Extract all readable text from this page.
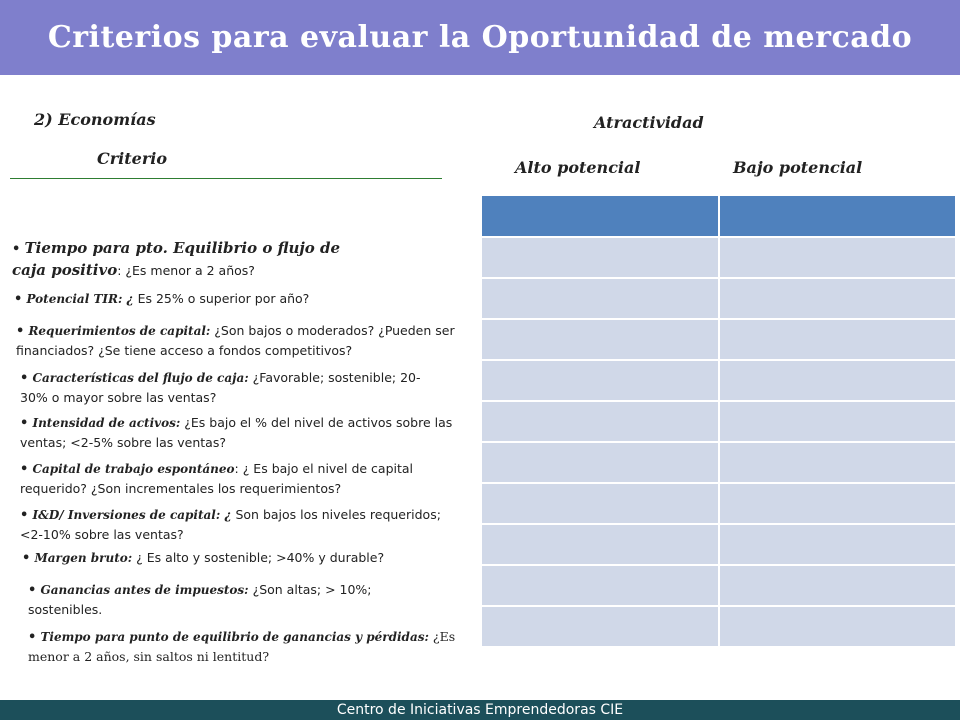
Criterios para evaluar la Oportunidad de mercado

2) Economías

Criterio

Atractividad

Alto potencial	Bajo potencial

• Tiempo para pto. Equilibrio o flujo de caja positivo: ¿Es menor a 2 años?

• Potencial TIR: ¿ Es 25% o superior por año?

• Requerimientos de capital: ¿Son bajos o moderados? ¿Pueden ser financiados? ¿Se tiene acceso a fondos competitivos?

• Características del flujo de caja: ¿Favorable; sostenible; 20-30% o mayor sobre las ventas?

• Intensidad de activos: ¿Es bajo el % del nivel de activos sobre las ventas; <2-5% sobre las ventas?

• Capital de trabajo espontáneo: ¿ Es bajo el nivel de capital requerido? ¿Son incrementales los requerimientos?

• I&D/ Inversiones de capital: ¿ Son bajos los niveles requeridos; <2-10% sobre las ventas?

• Margen bruto: ¿ Es alto y sostenible; >40% y durable?

• Ganancias antes de impuestos: ¿Son altas; > 10%; sostenibles.

• Tiempo para punto de equilibrio de ganancias y pérdidas: ¿Es menor a 2 años, sin saltos ni lentitud?

Centro de Iniciativas Emprendedoras CIE
